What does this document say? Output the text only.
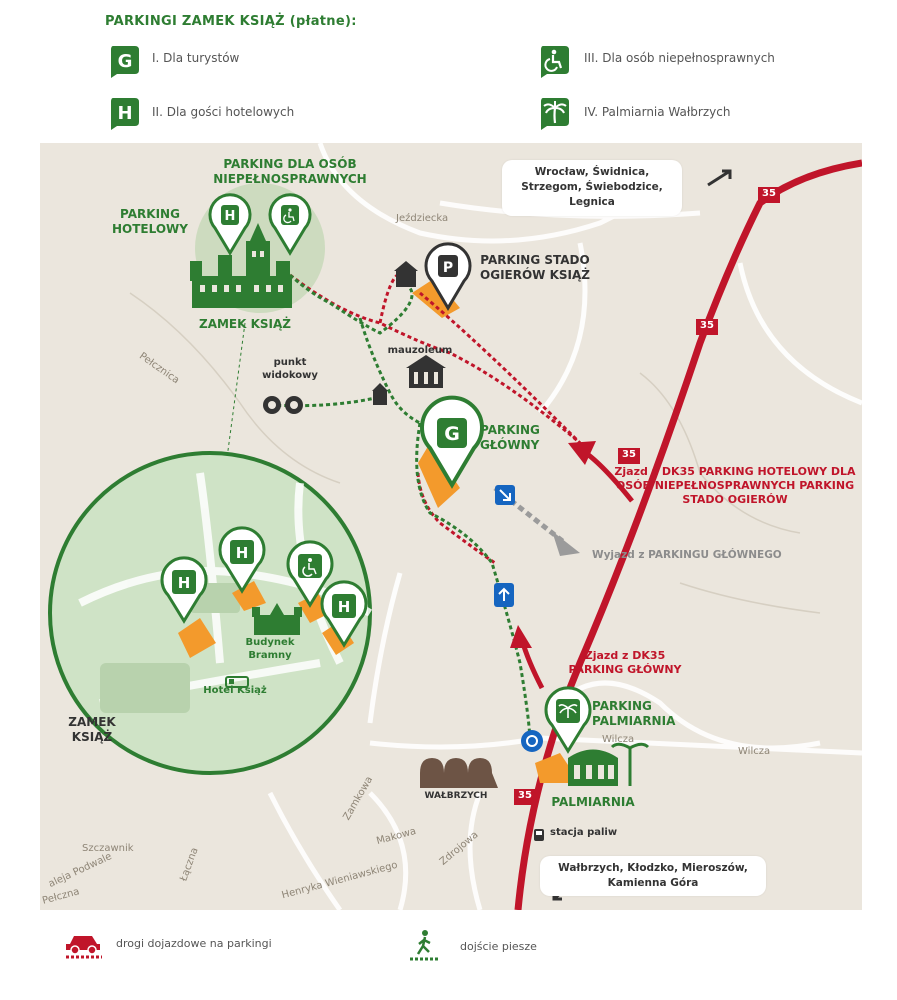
PARKINGI ZAMEK KSIĄŻ (płatne):
G I. Dla turystów
H II. Dla gości hotelowych
III. Dla osób niepełnosprawnych
IV. Palmiarnia Wałbrzych
H
P
G
H
H
H
PARKING DLA OSÓB NIEPEŁNOSPRAWNYCH
PARKING HOTELOWY
ZAMEK KSIĄŻ
PARKING STADO OGIERÓW KSIĄŻ
punkt widokowy
mauzoleum
PARKING GŁÓWNY
Zjazd z DK35 PARKING HOTELOWY DLA OSÓB NIEPEŁNOSPRAWNYCH PARKING STADO OGIERÓW
Wyjazd z PARKINGU GŁÓWNEGO
Zjazd z DK35 PARKING GŁÓWNY
PARKING PALMIARNIA
PALMIARNIA
WAŁBRZYCH
stacja paliw
Budynek Bramny
Hotel Książ
ZAMEK KSIĄŻ
35
35
35
35
Wrocław, Świdnica, Strzegom, Świebodzice, Legnica
Wałbrzych, Kłodzko, Mieroszów, Kamienna Góra
Jeździecka
Pełcznica
Wilcza
Wilcza
Zamkowa
Makowa Zdrojowa
Henryka Wieniawskiego
Łączna
Szczawnik
aleja Podwale
Pełczna
drogi dojazdowe na parkingi	dojście piesze
